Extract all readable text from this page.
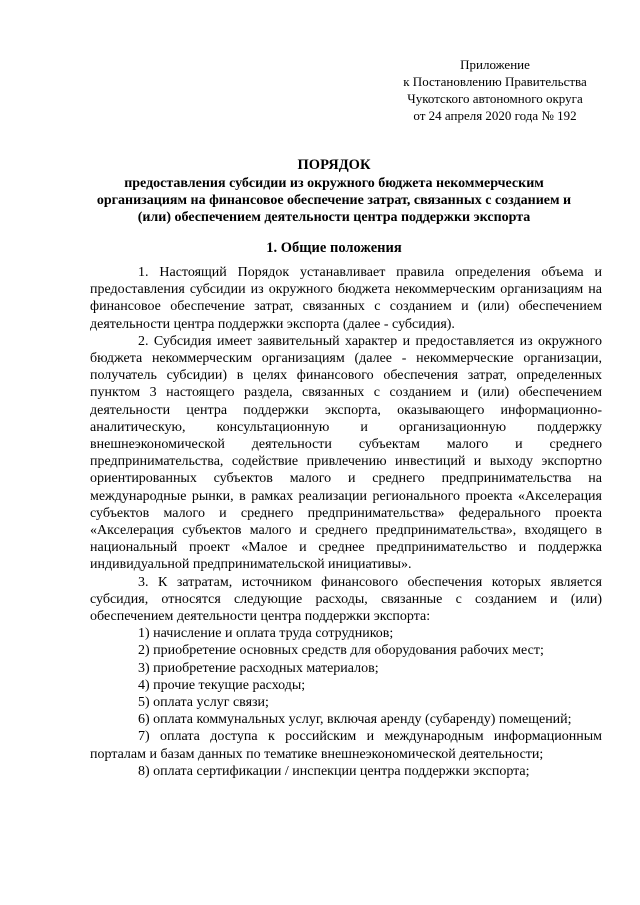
Приложение
к Постановлению Правительства
Чукотского автономного округа
от 24 апреля 2020 года № 192
ПОРЯДОК
предоставления субсидии из окружного бюджета некоммерческим организациям на финансовое обеспечение затрат, связанных с созданием и (или) обеспечением деятельности центра поддержки экспорта
1. Общие положения

1. Настоящий Порядок устанавливает правила определения объема и предоставления субсидии из окружного бюджета некоммерческим организациям на финансовое обеспечение затрат, связанных с созданием и (или) обеспечением деятельности центра поддержки экспорта (далее - субсидия).

2. Субсидия имеет заявительный характер и предоставляется из окружного бюджета некоммерческим организациям (далее - некоммерческие организации, получатель субсидии) в целях финансового обеспечения затрат, определенных пунктом 3 настоящего раздела, связанных с созданием и (или) обеспечением деятельности центра поддержки экспорта, оказывающего информационно-аналитическую, консультационную и организационную поддержку внешнеэкономической деятельности субъектам малого и среднего предпринимательства, содействие привлечению инвестиций и выходу экспортно ориентированных субъектов малого и среднего предпринимательства на международные рынки, в рамках реализации регионального проекта «Акселерация субъектов малого и среднего предпринимательства» федерального проекта «Акселерация субъектов малого и среднего предпринимательства», входящего в национальный проект «Малое и среднее предпринимательство и поддержка индивидуальной предпринимательской инициативы».

3. К затратам, источником финансового обеспечения которых является субсидия, относятся следующие расходы, связанные с созданием и (или) обеспечением деятельности центра поддержки экспорта:

1) начисление и оплата труда сотрудников;

2) приобретение основных средств для оборудования рабочих мест;

3) приобретение расходных материалов;

4) прочие текущие расходы;

5) оплата услуг связи;

6) оплата коммунальных услуг, включая аренду (субаренду) помещений;

7) оплата доступа к российским и международным информационным порталам и базам данных по тематике внешнеэкономической деятельности;

8) оплата сертификации / инспекции центра поддержки экспорта;
